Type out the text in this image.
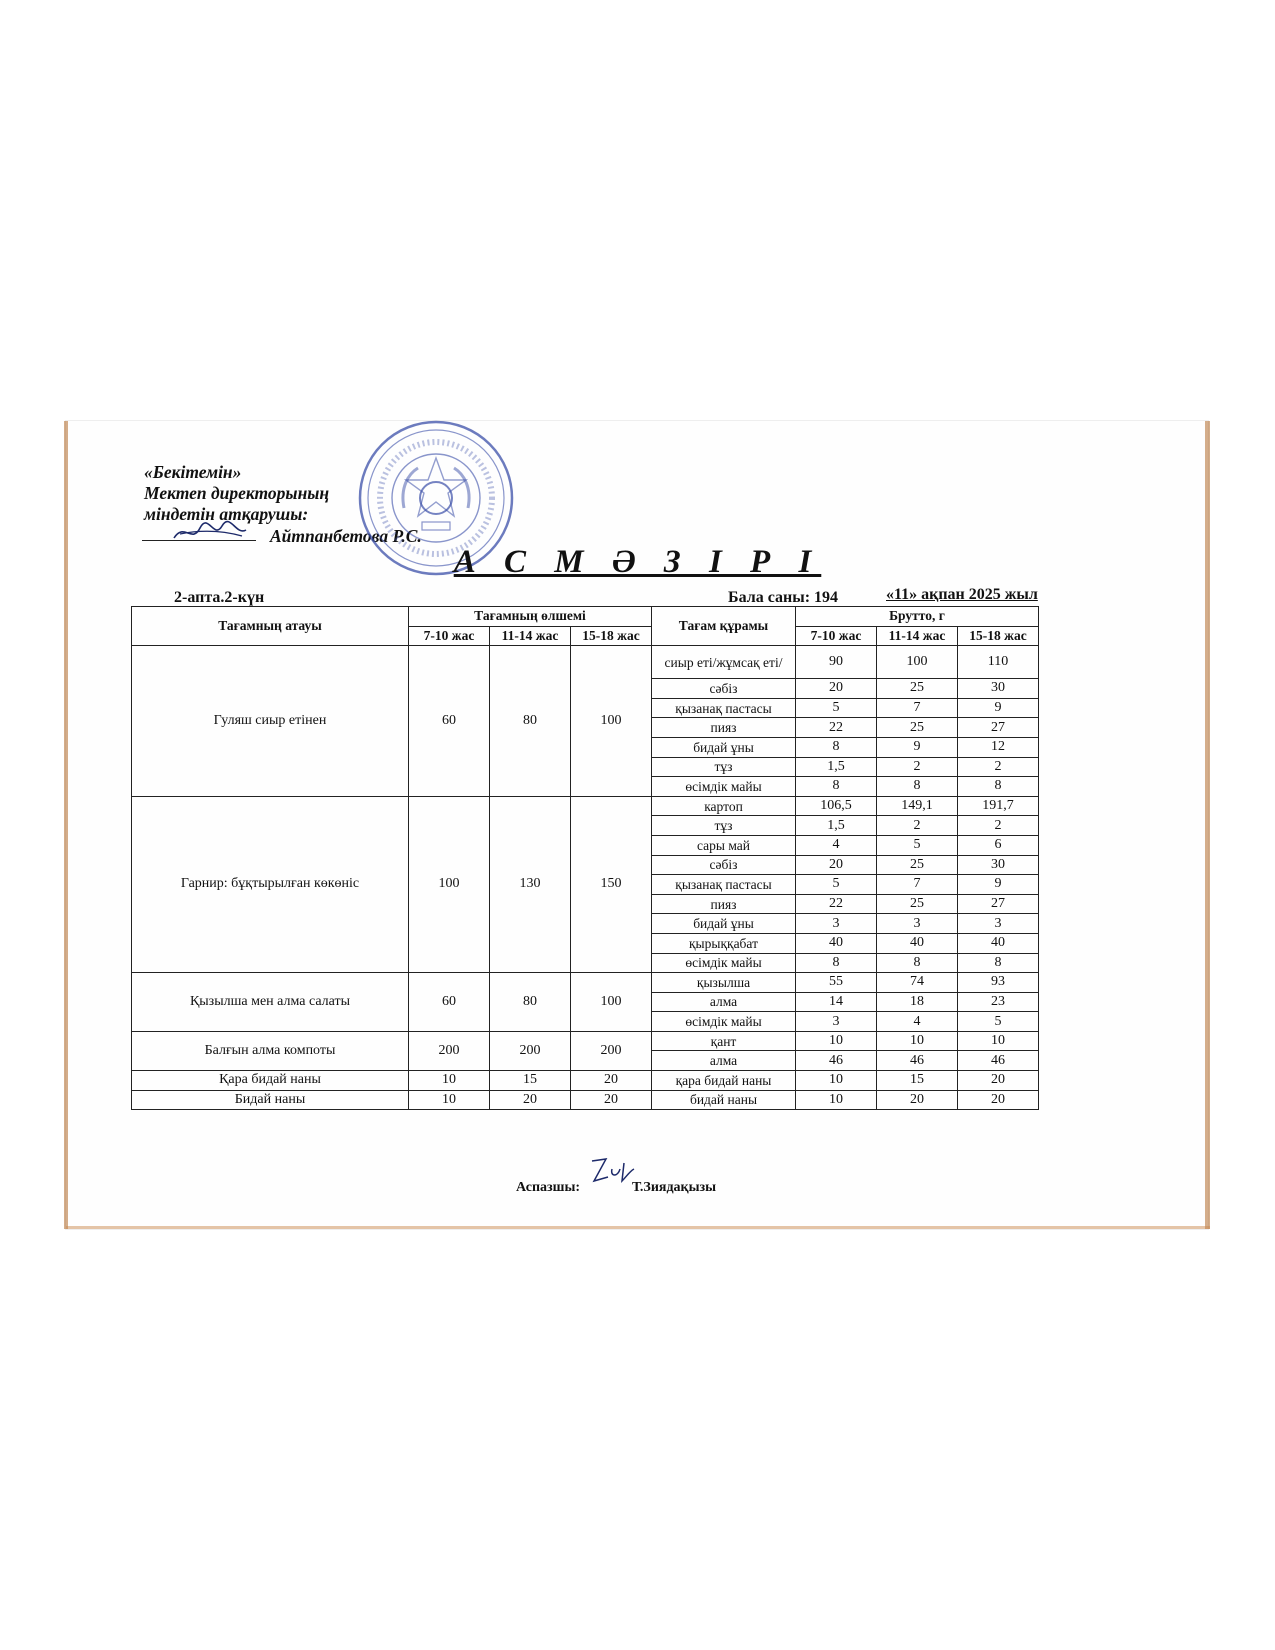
«Бекітемін»
Мектеп директорының
міндетін атқарушы:
Айтпанбетова Р.С.
А С М Ә З І Р І
2-апта.2-күн	Бала саны: 194	«11» ақпан 2025 жыл
Тағамның атауы	Тағамның өлшемі			Тағам құрамы	Брутто, г		
	7-10 жас	11-14 жас	15-18 жас		7-10 жас	11-14 жас	15-18 жас
Гуляш сиыр етінен	60	80	100	сиыр еті/жұмсақ еті/	90	100	110
				сәбіз	20	25	30
				қызанақ пастасы	5	7	9
				пияз	22	25	27
				бидай ұны	8	9	12
				тұз	1,5	2	2
				өсімдік майы	8	8	8
Гарнир: бұқтырылған көкөніс	100	130	150	картоп	106,5	149,1	191,7
				тұз	1,5	2	2
				сары май	4	5	6
				сәбіз	20	25	30
				қызанақ пастасы	5	7	9
				пияз	22	25	27
				бидай ұны	3	3	3
				қырыққабат	40	40	40
				өсімдік майы	8	8	8
Қызылша мен алма салаты	60	80	100	қызылша	55	74	93
				алма	14	18	23
				өсімдік майы	3	4	5
Балғын алма компоты	200	200	200	қант	10	10	10
				алма	46	46	46
Қара бидай наны	10	15	20	қара бидай наны	10	15	20
Бидай наны	10	20	20	бидай наны	10	20	20
Аспазшы:	Т.Зиядақызы
